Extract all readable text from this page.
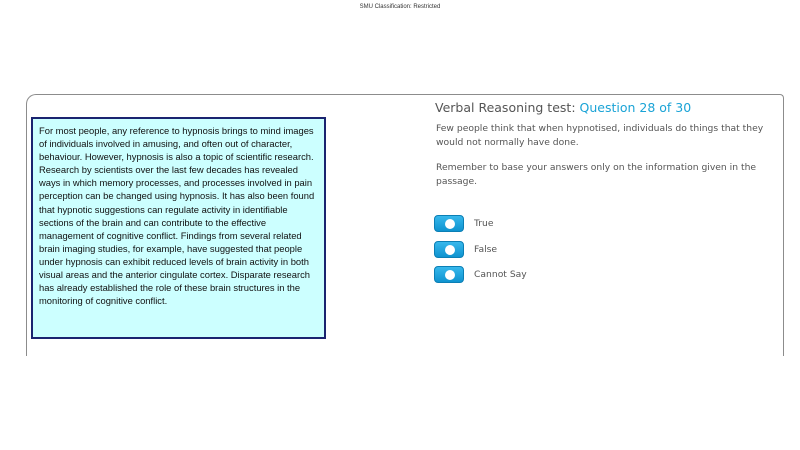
SMU Classification: Restricted

For most people, any reference to hypnosis brings to mind images of individuals involved in amusing, and often out of character, behaviour. However, hypnosis is also a topic of scientific research. Research by scientists over the last few decades has revealed ways in which memory processes, and processes involved in pain perception can be changed using hypnosis. It has also been found that hypnotic suggestions can regulate activity in identifiable sections of the brain and can contribute to the effective management of cognitive conflict. Findings from several related brain imaging studies, for example, have suggested that people under hypnosis can exhibit reduced levels of brain activity in both visual areas and the anterior cingulate cortex. Disparate research has already established the role of these brain structures in the monitoring of cognitive conflict.

Verbal Reasoning test: Question 28 of 30

Few people think that when hypnotised, individuals do things that they would not normally have done.

Remember to base your answers only on the information given in the passage.

True
False
Cannot Say
